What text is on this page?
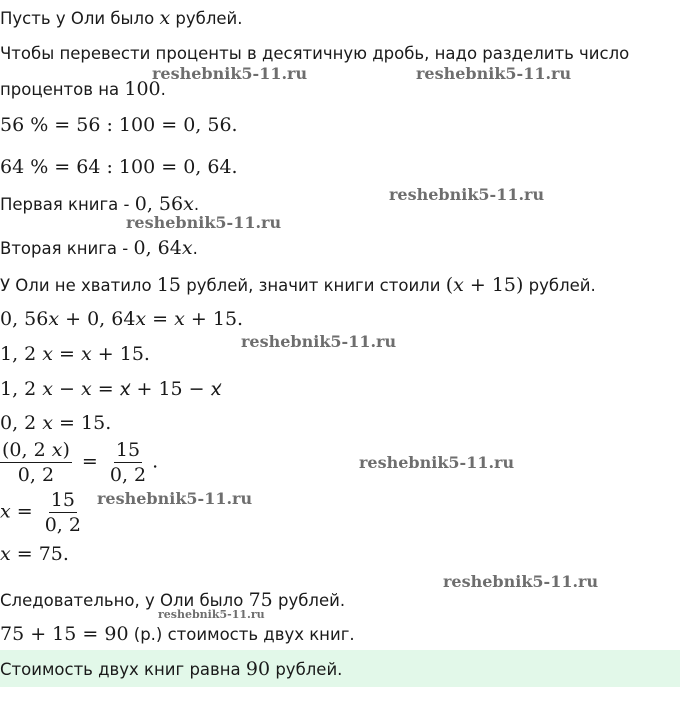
Пусть у Оли было x рублей.
Чтобы перевести проценты в десятичную дробь, надо разделить число
процентов на 100.
56 % = 56 : 100 = 0, 56.
64 % = 64 : 100 = 0, 64.
Первая книга - 0, 56x.
Вторая книга - 0, 64x.
У Оли не хватило 15 рублей, значит книги стоили (x + 15) рублей.
0, 56x + 0, 64x = x + 15.
1, 2 x = x + 15.
1, 2 x − x = x + 15 − x
0, 2 x = 15.
$\frac{(0, 2 x)}{0, 2} = \frac{15}{0, 2}$ .
$x = \frac{15}{0, 2}$
x = 75.
Следовательно, у Оли было 75 рублей.
75 + 15 = 90 (р.) стоимость двух книг.
Стоимость двух книг равна 90 рублей.
reshebnik5-11.ru	reshebnik5-11.ru
reshebnik5-11.ru
reshebnik5-11.ru
reshebnik5-11.ru
reshebnik5-11.ru
reshebnik5-11.ru
reshebnik5-11.ru
reshebnik5-11.ru
